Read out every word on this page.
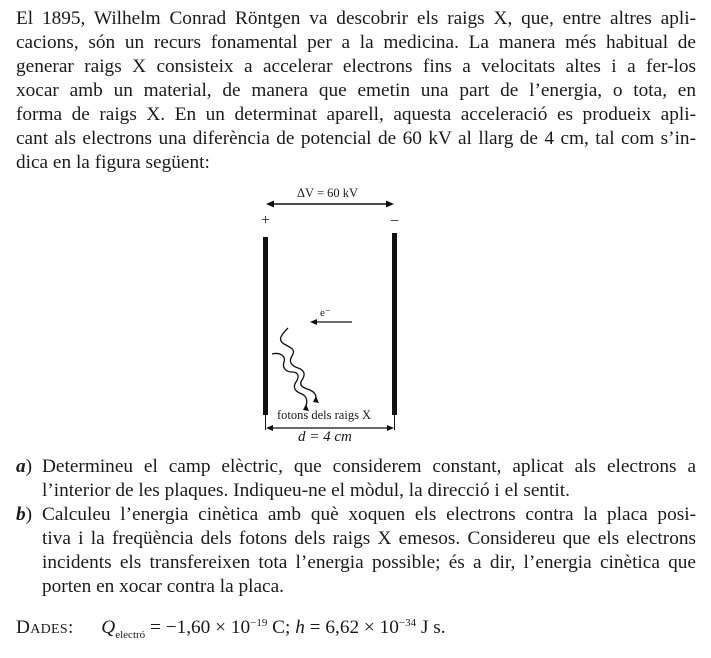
El 1895, Wilhelm Conrad Röntgen va descobrir els raigs X, que, entre altres apli-
cacions, són un recurs fonamental per a la medicina. La manera més habitual de
generar raigs X consisteix a accelerar electrons fins a velocitats altes i a fer-los
xocar amb un material, de manera que emetin una part de l’energia, o tota, en
forma de raigs X. En un determinat aparell, aquesta acceleració es produeix apli-
cant als electrons una diferència de potencial de 60 kV al llarg de 4 cm, tal com s’in-
dica en la figura següent:
ΔV = 60 kV
+	−
e⁻
fotons dels raigs X
d = 4 cm
a) Determineu el camp elèctric, que considerem constant, aplicat als electrons a
l’interior de les plaques. Indiqueu-ne el mòdul, la direcció i el sentit.
b) Calculeu l’energia cinètica amb què xoquen els electrons contra la placa posi-
tiva i la freqüència dels fotons dels raigs X emesos. Considereu que els electrons
incidents els transfereixen tota l’energia possible; és a dir, l’energia cinètica que
porten en xocar contra la placa.
Dades: $Q_{electró} = -1,60 \times 10^{-19}$ C; $h = 6,62 \times 10^{-34}$ J s.
